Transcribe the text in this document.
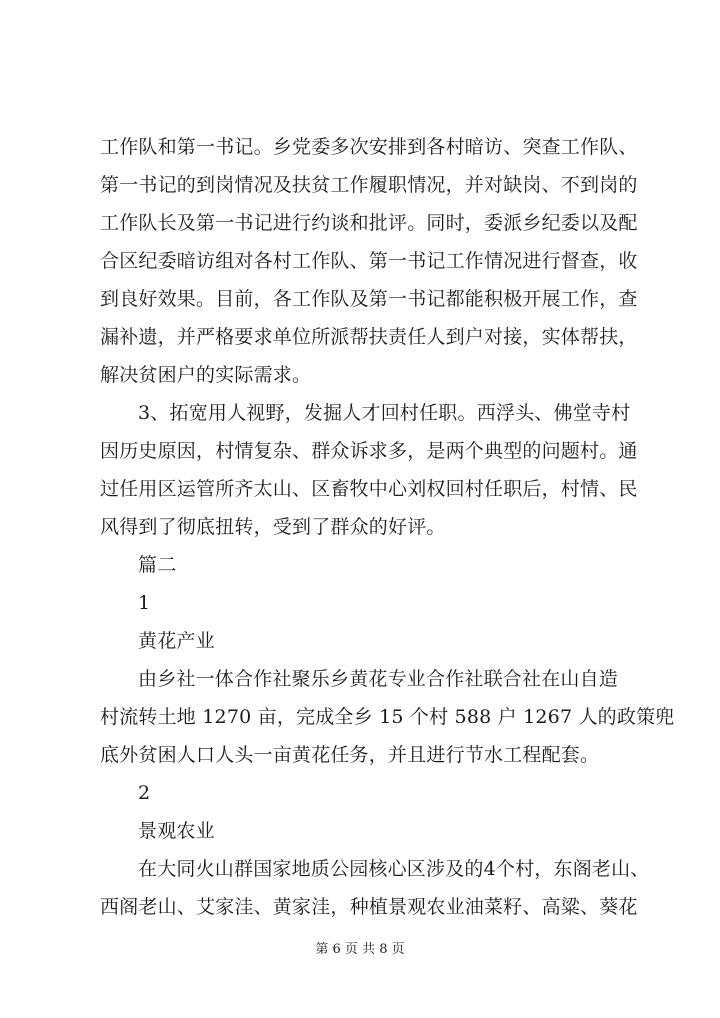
工作队和第一书记。乡党委多次安排到各村暗访、突查工作队、
第一书记的到岗情况及扶贫工作履职情况，并对缺岗、不到岗的
工作队长及第一书记进行约谈和批评。同时，委派乡纪委以及配
合区纪委暗访组对各村工作队、第一书记工作情况进行督查，收
到良好效果。目前，各工作队及第一书记都能积极开展工作，查
漏补遗，并严格要求单位所派帮扶责任人到户对接，实体帮扶，
解决贫困户的实际需求。
3、拓宽用人视野，发掘人才回村任职。西浮头、佛堂寺村
因历史原因，村情复杂、群众诉求多，是两个典型的问题村。通
过任用区运管所齐太山、区畜牧中心刘权回村任职后，村情、民
风得到了彻底扭转，受到了群众的好评。
篇二
1
黄花产业
由乡社一体合作社聚乐乡黄花专业合作社联合社在山自造
村流转土地 1270 亩，完成全乡 15 个村 588 户 1267 人的政策兜
底外贫困人口人头一亩黄花任务，并且进行节水工程配套。
2
景观农业
在大同火山群国家地质公园核心区涉及的4个村，东阁老山、
西阁老山、艾家洼、黄家洼，种植景观农业油菜籽、高粱、葵花
第 6 页 共 8 页
